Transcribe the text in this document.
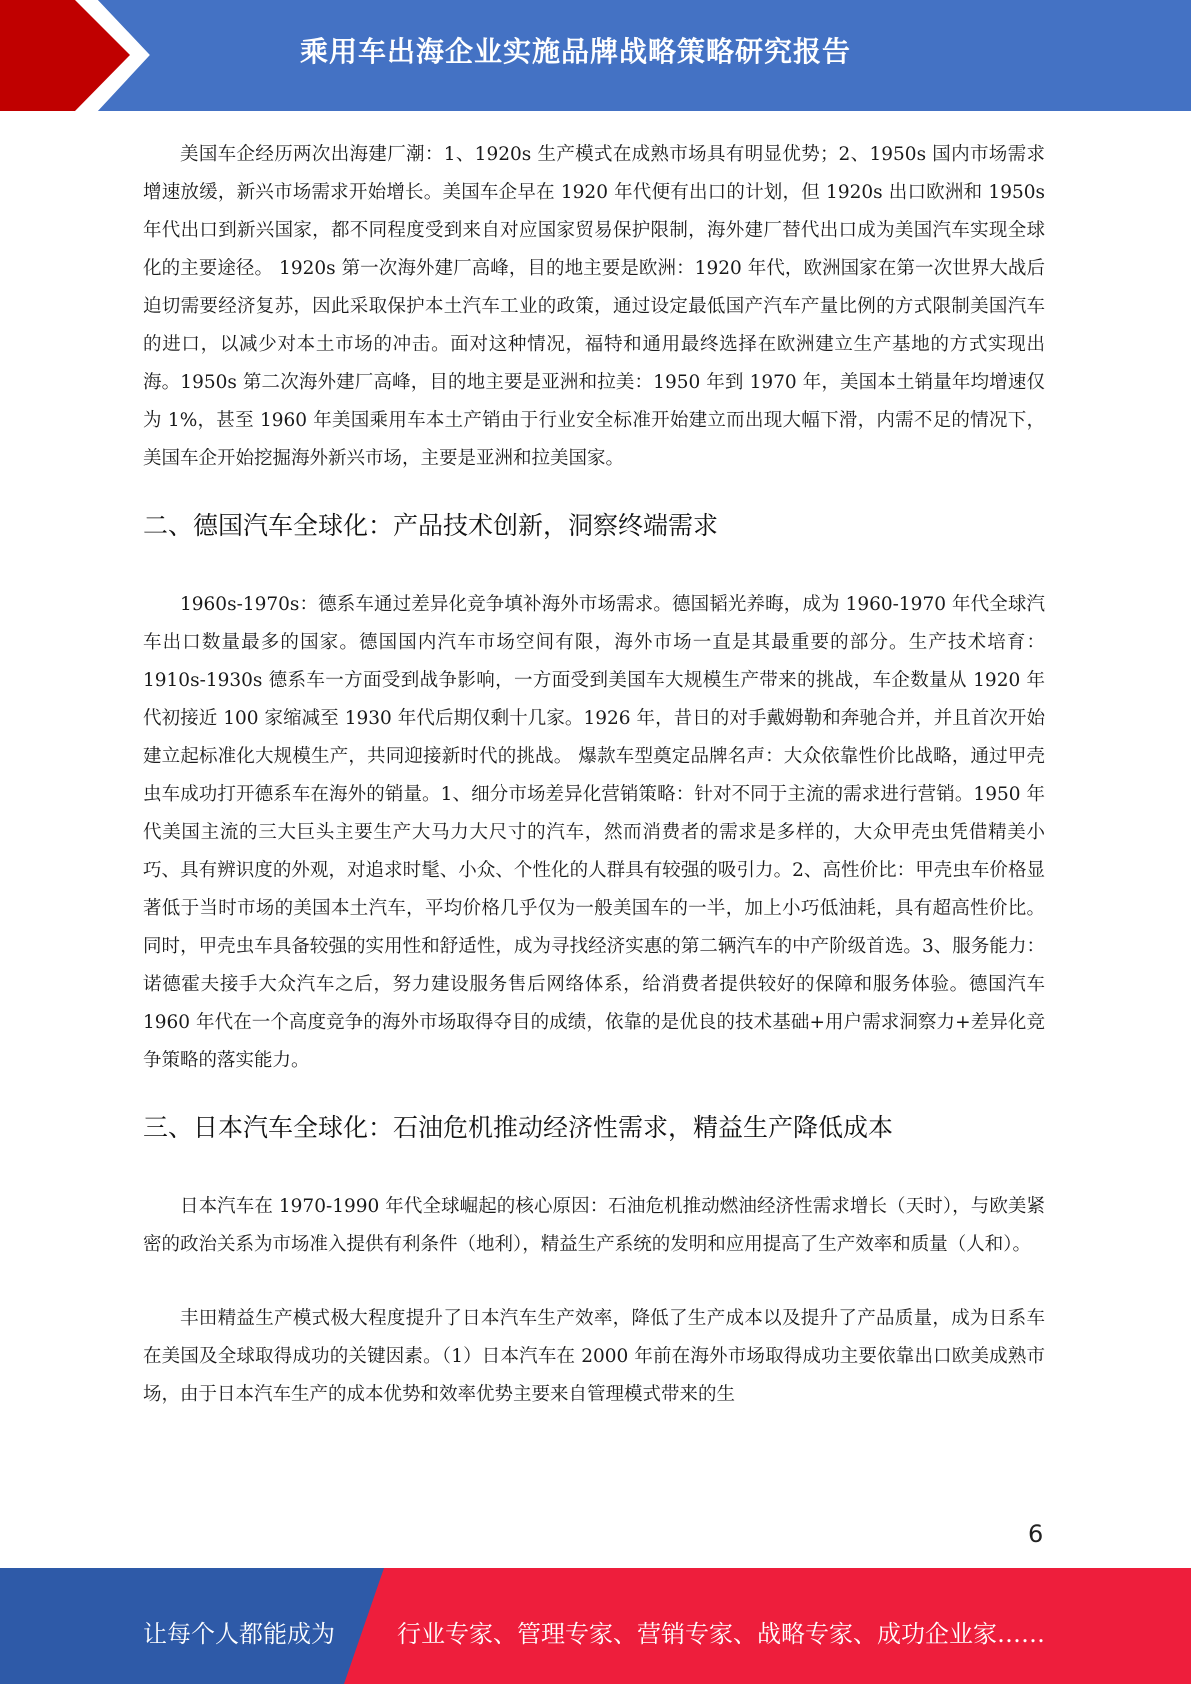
乘用车出海企业实施品牌战略策略研究报告

美国车企经历两次出海建厂潮：1、1920s 生产模式在成熟市场具有明显优势；2、1950s 国内市场需求增速放缓，新兴市场需求开始增长。美国车企早在 1920 年代便有出口的计划，但 1920s 出口欧洲和 1950s 年代出口到新兴国家，都不同程度受到来自对应国家贸易保护限制，海外建厂替代出口成为美国汽车实现全球化的主要途径。 1920s 第一次海外建厂高峰，目的地主要是欧洲：1920 年代，欧洲国家在第一次世界大战后迫切需要经济复苏，因此采取保护本土汽车工业的政策，通过设定最低国产汽车产量比例的方式限制美国汽车的进口，以减少对本土市场的冲击。面对这种情况，福特和通用最终选择在欧洲建立生产基地的方式实现出海。1950s 第二次海外建厂高峰，目的地主要是亚洲和拉美：1950 年到 1970 年，美国本土销量年均增速仅为 1%，甚至 1960 年美国乘用车本土产销由于行业安全标准开始建立而出现大幅下滑，内需不足的情况下，美国车企开始挖掘海外新兴市场，主要是亚洲和拉美国家。

二、德国汽车全球化：产品技术创新，洞察终端需求

1960s-1970s：德系车通过差异化竞争填补海外市场需求。德国韬光养晦，成为 1960-1970 年代全球汽车出口数量最多的国家。德国国内汽车市场空间有限，海外市场一直是其最重要的部分。生产技术培育：1910s-1930s 德系车一方面受到战争影响，一方面受到美国车大规模生产带来的挑战，车企数量从 1920 年代初接近 100 家缩减至 1930 年代后期仅剩十几家。1926 年，昔日的对手戴姆勒和奔驰合并，并且首次开始建立起标准化大规模生产，共同迎接新时代的挑战。 爆款车型奠定品牌名声：大众依靠性价比战略，通过甲壳虫车成功打开德系车在海外的销量。1、细分市场差异化营销策略：针对不同于主流的需求进行营销。1950 年代美国主流的三大巨头主要生产大马力大尺寸的汽车，然而消费者的需求是多样的，大众甲壳虫凭借精美小巧、具有辨识度的外观，对追求时髦、小众、个性化的人群具有较强的吸引力。2、高性价比：甲壳虫车价格显著低于当时市场的美国本土汽车，平均价格几乎仅为一般美国车的一半，加上小巧低油耗，具有超高性价比。同时，甲壳虫车具备较强的实用性和舒适性，成为寻找经济实惠的第二辆汽车的中产阶级首选。3、服务能力：诺德霍夫接手大众汽车之后，努力建设服务售后网络体系，给消费者提供较好的保障和服务体验。德国汽车 1960 年代在一个高度竞争的海外市场取得夺目的成绩，依靠的是优良的技术基础+用户需求洞察力+差异化竞争策略的落实能力。

三、日本汽车全球化：石油危机推动经济性需求，精益生产降低成本

日本汽车在 1970-1990 年代全球崛起的核心原因：石油危机推动燃油经济性需求增长（天时），与欧美紧密的政治关系为市场准入提供有利条件（地利），精益生产系统的发明和应用提高了生产效率和质量（人和）。

丰田精益生产模式极大程度提升了日本汽车生产效率，降低了生产成本以及提升了产品质量，成为日系车在美国及全球取得成功的关键因素。（1）日本汽车在 2000 年前在海外市场取得成功主要依靠出口欧美成熟市场，由于日本汽车生产的成本优势和效率优势主要来自管理模式带来的生

6
让每个人都能成为	行业专家、管理专家、营销专家、战略专家、成功企业家……
